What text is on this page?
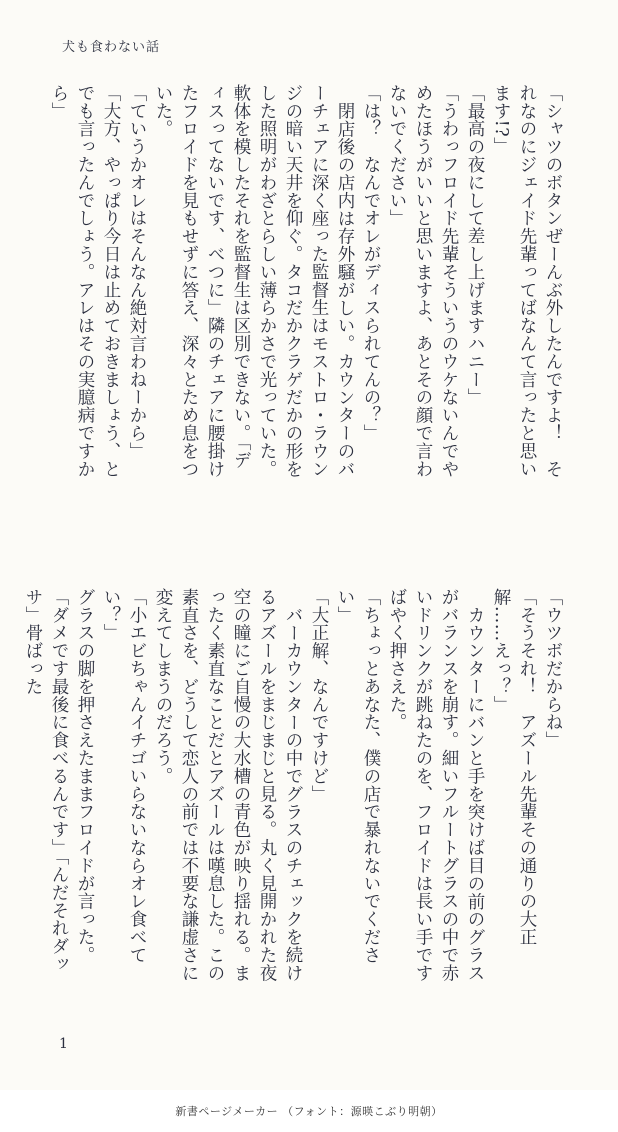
犬も食わない話

「シャツのボタンぜーんぶ外したんですよ！　それなのにジェイド先輩ってばなんて言ったと思います!?」

「最高の夜にして差し上げますハニー」

「うわっフロイド先輩そういうのウケないんでやめたほうがいいと思いますよ、あとその顔で言わないでください」

「は？　なんでオレがディスられてんの？」

閉店後の店内は存外騒がしい。カウンターのバーチェアに深く座った監督生はモストロ・ラウンジの暗い天井を仰ぐ。タコだかクラゲだかの形をした照明がわざとらしい薄らかさで光っていた。軟体を模したそれを監督生は区別できない。「ディスってないです、べつに」隣のチェアに腰掛けたフロイドを見もせずに答え、深々とため息をついた。

「ていうかオレはそんなん絶対言わねーから」

「大方、やっぱり今日は止めておきましょう、とでも言ったんでしょう。アレはその実臆病ですから」

「ウツボだからね」

「そうそれ！　アズール先輩その通りの大正解……えっ？」

カウンターにバンと手を突けば目の前のグラスがバランスを崩す。細いフルートグラスの中で赤いドリンクが跳ねたのを、フロイドは長い手ですばやく押さえた。

「ちょっとあなた、僕の店で暴れないでください」

「大正解、なんですけど」

バーカウンターの中でグラスのチェックを続けるアズールをまじまじと見る。丸く見開かれた夜空の瞳にご自慢の大水槽の青色が映り揺れる。まったく素直なことだとアズールは嘆息した。この素直さを、どうして恋人の前では不要な謙虚さに変えてしまうのだろう。

「小エビちゃんイチゴいらないならオレ食べてい？」

グラスの脚を押さえたままフロイドが言った。「ダメです最後に食べるんです」「んだそれダッサ」骨ばった

1
新書ページメーカー （フォント：源暎こぶり明朝）
